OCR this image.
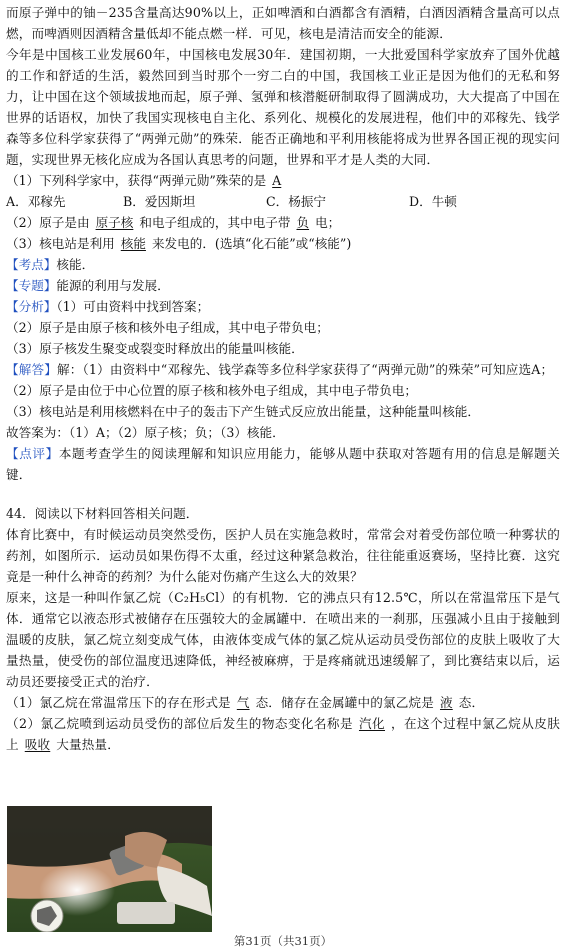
而原子弹中的铀－235含量高达90%以上，正如啤酒和白酒都含有酒精，白酒因酒精含量高可以点燃，而啤酒则因酒精含量低却不能点燃一样．可见，核电是清洁而安全的能源．

今年是中国核工业发展60年，中国核电发展30年．建国初期，一大批爱国科学家放弃了国外优越的工作和舒适的生活，毅然回到当时那个一穷二白的中国，我国核工业正是因为他们的无私和努力，让中国在这个领域拔地而起，原子弹、氢弹和核潜艇研制取得了圆满成功，大大提高了中国在世界的话语权，加快了我国实现核电自主化、系列化、规模化的发展进程，他们中的邓稼先、钱学森等多位科学家获得了“两弹元勋”的殊荣．能否正确地和平利用核能将成为世界各国正视的现实问题，实现世界无核化应成为各国认真思考的问题，世界和平才是人类的大同．

（1）下列科学家中，获得“两弹元勋”殊荣的是 A

A．邓稼先	B．爱因斯坦	C．杨振宁	D．牛顿

（2）原子是由 原子核 和电子组成的，其中电子带 负 电；

（3）核电站是利用 核能 来发电的．(选填“化石能”或“核能”)

【考点】核能．

【专题】能源的利用与发展．

【分析】（1）可由资料中找到答案；

（2）原子是由原子核和核外电子组成，其中电子带负电；

（3）原子核发生聚变或裂变时释放出的能量叫核能．

【解答】解：（1）由资料中“邓稼先、钱学森等多位科学家获得了“两弹元勋”的殊荣”可知应选A；

（2）原子是由位于中心位置的原子核和核外电子组成，其中电子带负电；

（3）核电站是利用核燃料在中子的轰击下产生链式反应放出能量，这种能量叫核能．

故答案为：（1）A；（2）原子核；负；（3）核能．

【点评】本题考查学生的阅读理解和知识应用能力，能够从题中获取对答题有用的信息是解题关键．

44．阅读以下材料回答相关问题．

体育比赛中，有时候运动员突然受伤，医护人员在实施急救时，常常会对着受伤部位喷一种雾状的药剂，如图所示．运动员如果伤得不太重，经过这种紧急救治，往往能重返赛场，坚持比赛．这究竟是一种什么神奇的药剂？为什么能对伤痛产生这么大的效果？

原来，这是一种叫作氯乙烷（C₂H₅Cl）的有机物．它的沸点只有12.5℃，所以在常温常压下是气体．通常它以液态形式被储存在压强较大的金属罐中．在喷出来的一刹那，压强减小且由于接触到温暖的皮肤，氯乙烷立刻变成气体，由液体变成气体的氯乙烷从运动员受伤部位的皮肤上吸收了大量热量，使受伤的部位温度迅速降低，神经被麻痹，于是疼痛就迅速缓解了，到比赛结束以后，运动员还要接受正式的治疗．

（1）氯乙烷在常温常压下的存在形式是 气 态．储存在金属罐中的氯乙烷是 液 态．

（2）氯乙烷喷到运动员受伤的部位后发生的物态变化名称是 汽化 ，在这个过程中氯乙烷从皮肤上 吸收 大量热量．

第31页（共31页）
